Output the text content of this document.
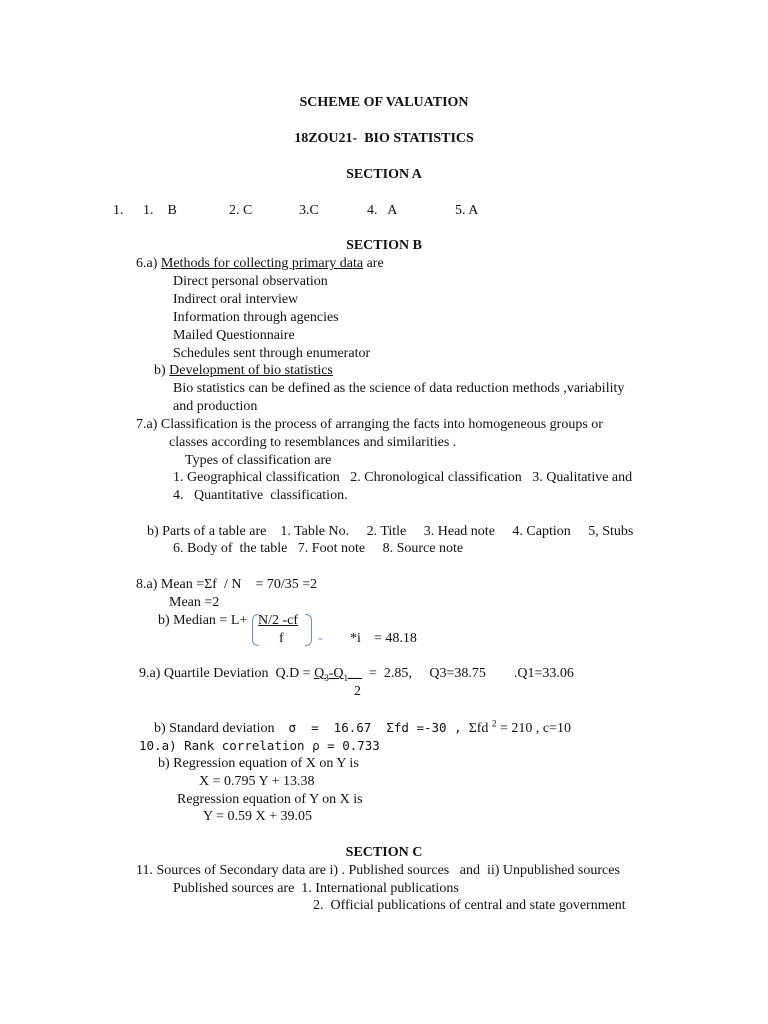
SCHEME OF VALUATION
18ZOU21-  BIO STATISTICS
SECTION A
1. 1.    B	2. C	3.C	4.   A	5. A
SECTION B
6.a) Methods for collecting primary data are
Direct personal observation
Indirect oral interview
Information through agencies
Mailed Questionnaire
Schedules sent through enumerator
b) Development of bio statistics
Bio statistics can be defined as the science of data reduction methods ,variability
and production
7.a) Classification is the process of arranging the facts into homogeneous groups or
classes according to resemblances and similarities .
Types of classification are
1. Geographical classification   2. Chronological classification   3. Qualitative and
4.   Quantitative  classification.
b) Parts of a table are    1. Table No.     2. Title     3. Head note     4. Caption     5, Stubs
6. Body of  the table   7. Foot note     8. Source note
8.a) Mean =Σf  / N    = 70/35 =2
Mean =2
b) Median = L+ N/2 -cf
f - *i = 48.18
9.a) Quartile Deviation  $Q.D = Q_3-Q_1\_\_ = 2.85$,     Q3=38.75        .Q1=33.06
2
b) Standard deviation    σ  =  16.67  Σfd =-30 ,  Σfd $^2$ = 210 , c=10
10.a) Rank correlation ρ = 0.733
b) Regression equation of X on Y is
X = 0.795 Y + 13.38
Regression equation of Y on X is
Y = 0.59 X + 39.05
SECTION C
11. Sources of Secondary data are i) . Published sources   and  ii) Unpublished sources
Published sources are  1. International publications
2.  Official publications of central and state government
